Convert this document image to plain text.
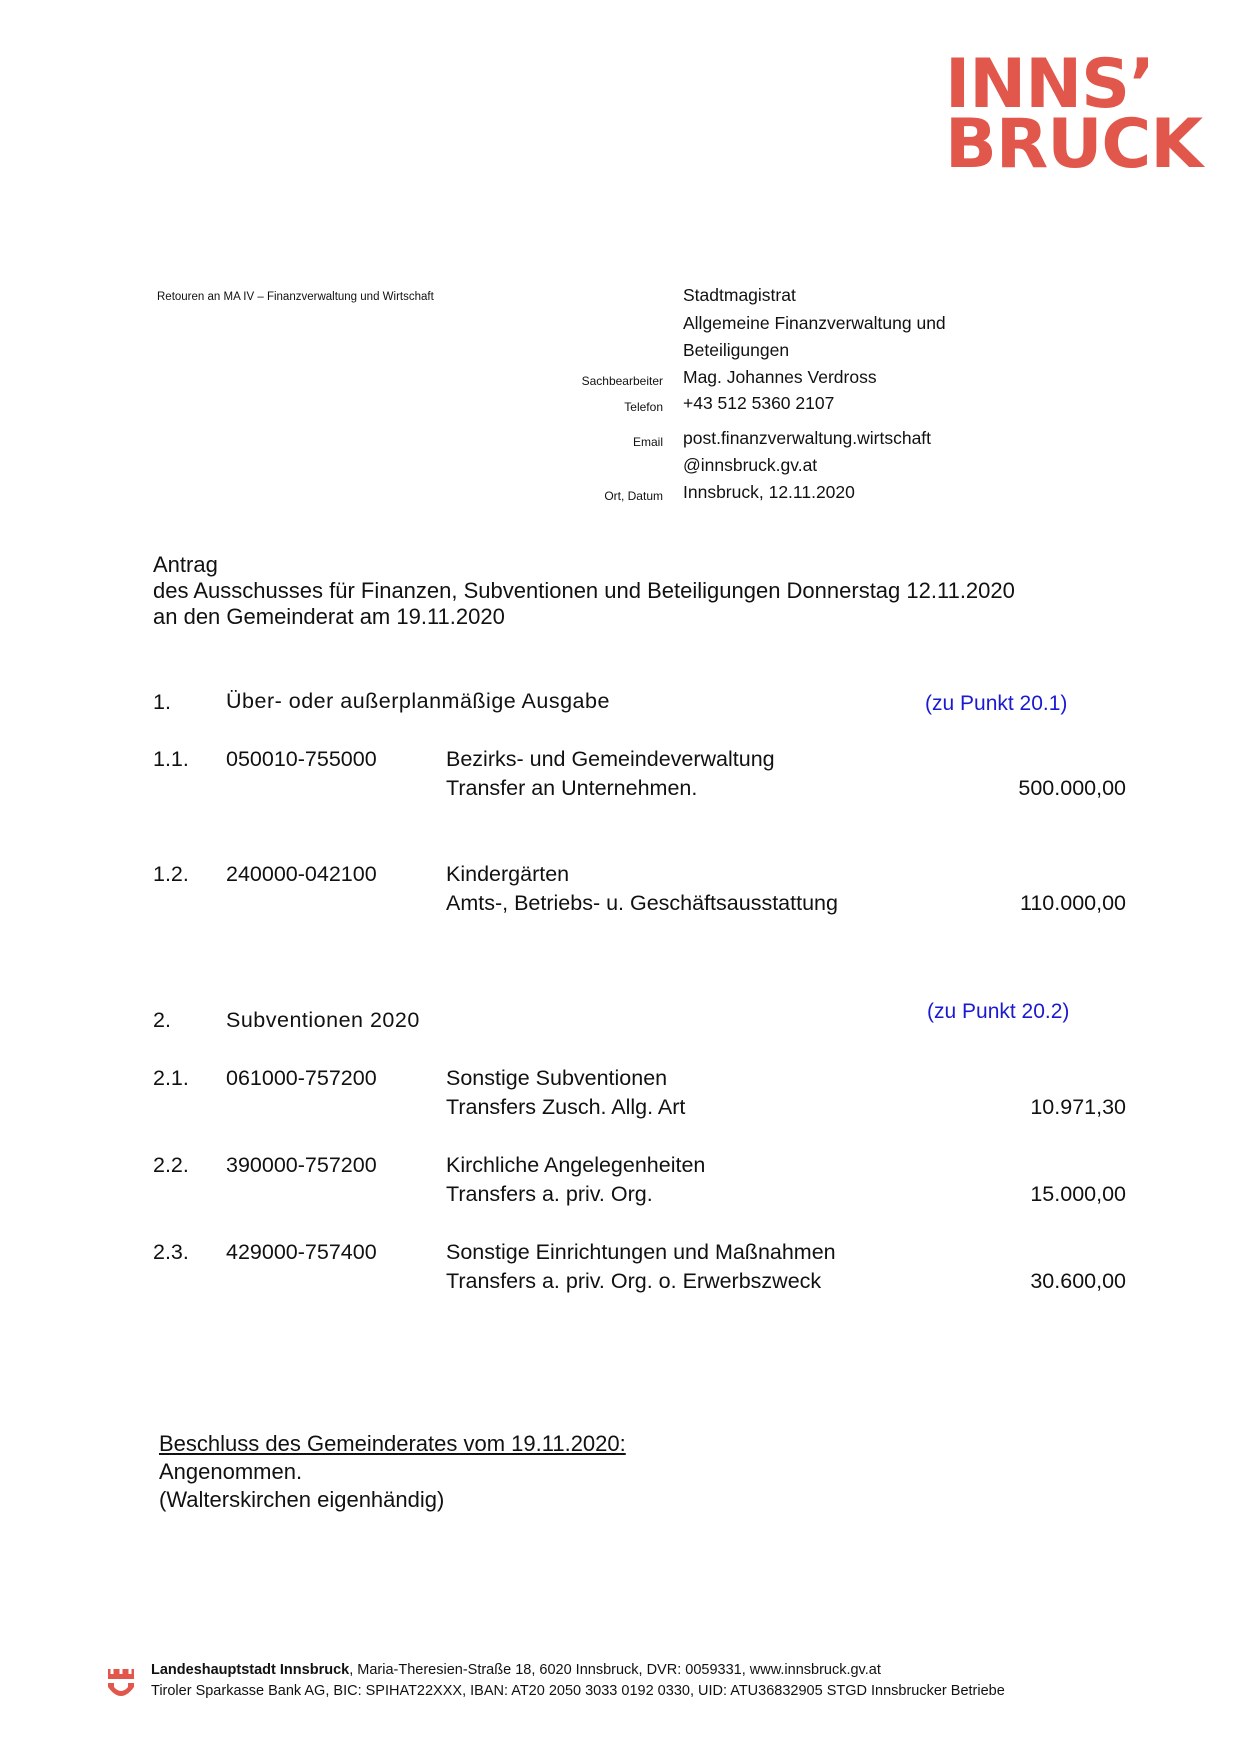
INNS’
BRUCK
Retouren an MA IV – Finanzverwaltung und Wirtschaft	Stadtmagistrat
Allgemeine Finanzverwaltung und
Beteiligungen
Sachbearbeiter Mag. Johannes Verdross
Telefon +43 512 5360 2107
Email post.finanzverwaltung.wirtschaft
@innsbruck.gv.at
Ort, Datum Innsbruck, 12.11.2020
Antrag
des Ausschusses für Finanzen, Subventionen und Beteiligungen Donnerstag 12.11.2020
an den Gemeinderat am 19.11.2020
1.	Über- oder außerplanmäßige Ausgabe	(zu Punkt 20.1)
1.1. 050010-755000	Bezirks- und Gemeindeverwaltung
Transfer an Unternehmen.	500.000,00
1.2. 240000-042100	Kindergärten
Amts-, Betriebs- u. Geschäftsausstattung	110.000,00
2.	Subventionen 2020	(zu Punkt 20.2)
2.1. 061000-757200	Sonstige Subventionen
Transfers Zusch. Allg. Art	10.971,30
2.2. 390000-757200	Kirchliche Angelegenheiten
Transfers a. priv. Org.	15.000,00
2.3. 429000-757400	Sonstige Einrichtungen und Maßnahmen
Transfers a. priv. Org. o. Erwerbszweck	30.600,00
Beschluss des Gemeinderates vom 19.11.2020:
Angenommen.
(Walterskirchen eigenhändig)
Landeshauptstadt Innsbruck, Maria-Theresien-Straße 18, 6020 Innsbruck, DVR: 0059331, www.innsbruck.gv.at
Tiroler Sparkasse Bank AG, BIC: SPIHAT22XXX, IBAN: AT20 2050 3033 0192 0330, UID: ATU36832905 STGD Innsbrucker Betriebe
